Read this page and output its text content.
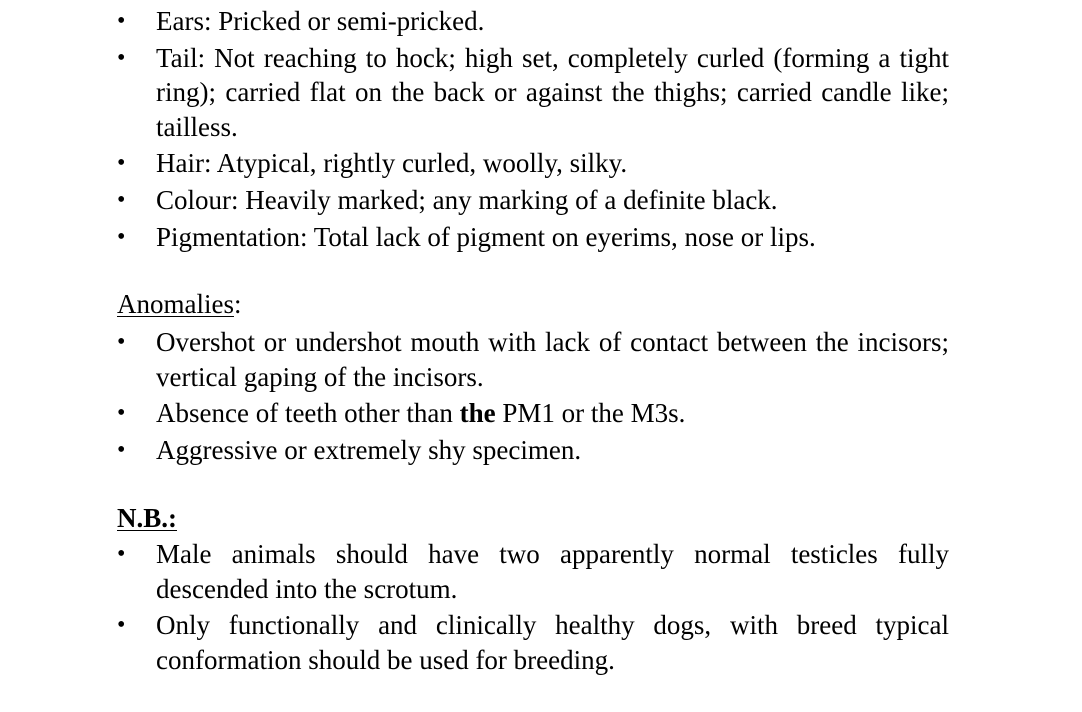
• Ears: Pricked or semi-pricked.
• Tail: Not reaching to hock; high set, completely curled (forming a tight ring); carried flat on the back or against the thighs; carried candle like; tailless.
• Hair: Atypical, rightly curled, woolly, silky.
• Colour: Heavily marked; any marking of a definite black.
• Pigmentation: Total lack of pigment on eyerims, nose or lips.
Anomalies:
• Overshot or undershot mouth with lack of contact between the incisors; vertical gaping of the incisors.
• Absence of teeth other than the PM1 or the M3s.
• Aggressive or extremely shy specimen.
N.B.:
• Male animals should have two apparently normal testicles fully descended into the scrotum.
• Only functionally and clinically healthy dogs, with breed typical conformation should be used for breeding.
